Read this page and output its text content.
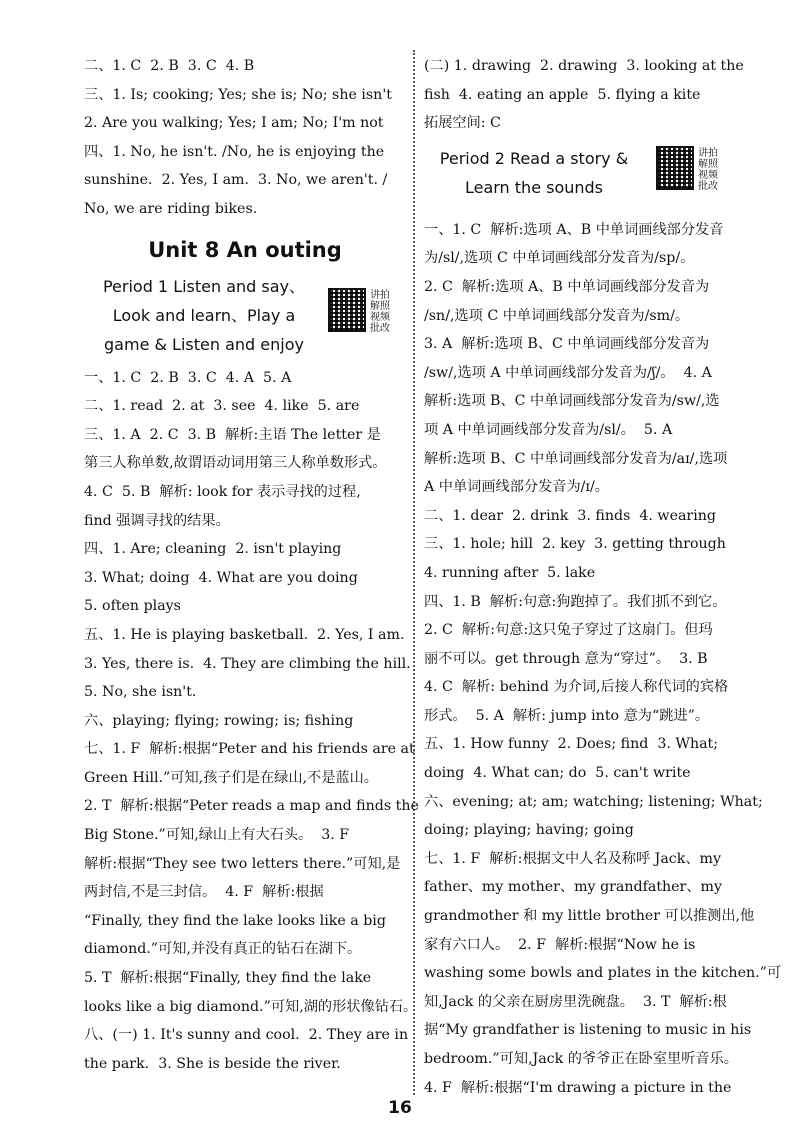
二、1. C  2. B  3. C  4. B
三、1. Is; cooking; Yes; she is; No; she isn't
2. Are you walking; Yes; I am; No; I'm not
四、1. No, he isn't. /No, he is enjoying the
sunshine.  2. Yes, I am.  3. No, we aren't. /
No, we are riding bikes.
Unit 8 An outing
Period 1 Listen and say、
Look and learn、Play a
game & Listen and enjoy
讲拍 解照 视频 批改
一、1. C  2. B  3. C  4. A  5. A
二、1. read  2. at  3. see  4. like  5. are
三、1. A  2. C  3. B  解析:主语 The letter 是
第三人称单数,故谓语动词用第三人称单数形式。
4. C  5. B  解析: look for 表示寻找的过程,
find 强调寻找的结果。
四、1. Are; cleaning  2. isn't playing
3. What; doing  4. What are you doing
5. often plays
五、1. He is playing basketball.  2. Yes, I am.
3. Yes, there is.  4. They are climbing the hill.
5. No, she isn't.
六、playing; flying; rowing; is; fishing
七、1. F  解析:根据“Peter and his friends are at
Green Hill.”可知,孩子们是在绿山,不是蓝山。
2. T  解析:根据“Peter reads a map and finds the
Big Stone.”可知,绿山上有大石头。  3. F
解析:根据“They see two letters there.”可知,是
两封信,不是三封信。  4. F  解析:根据
“Finally, they find the lake looks like a big
diamond.”可知,并没有真正的钻石在湖下。
5. T  解析:根据“Finally, they find the lake
looks like a big diamond.”可知,湖的形状像钻石。
八、(一) 1. It's sunny and cool.  2. They are in
the park.  3. She is beside the river.
(二) 1. drawing  2. drawing  3. looking at the
fish  4. eating an apple  5. flying a kite
拓展空间: C
Period 2 Read a story &
Learn the sounds
讲拍 解照 视频 批改
一、1. C  解析:选项 A、B 中单词画线部分发音
为/sl/,选项 C 中单词画线部分发音为/sp/。
2. C  解析:选项 A、B 中单词画线部分发音为
/sn/,选项 C 中单词画线部分发音为/sm/。
3. A  解析:选项 B、C 中单词画线部分发音为
/sw/,选项 A 中单词画线部分发音为/ʃ/。  4. A
解析:选项 B、C 中单词画线部分发音为/sw/,选
项 A 中单词画线部分发音为/sl/。  5. A
解析:选项 B、C 中单词画线部分发音为/aɪ/,选项
A 中单词画线部分发音为/ɪ/。
二、1. dear  2. drink  3. finds  4. wearing
三、1. hole; hill  2. key  3. getting through
4. running after  5. lake
四、1. B  解析:句意:狗跑掉了。我们抓不到它。
2. C  解析:句意:这只兔子穿过了这扇门。但玛
丽不可以。get through 意为“穿过”。  3. B
4. C  解析: behind 为介词,后接人称代词的宾格
形式。  5. A  解析: jump into 意为“跳进”。
五、1. How funny  2. Does; find  3. What;
doing  4. What can; do  5. can't write
六、evening; at; am; watching; listening; What;
doing; playing; having; going
七、1. F  解析:根据文中人名及称呼 Jack、my
father、my mother、my grandfather、my
grandmother 和 my little brother 可以推测出,他
家有六口人。  2. F  解析:根据“Now he is
washing some bowls and plates in the kitchen.”可
知,Jack 的父亲在厨房里洗碗盘。  3. T  解析:根
据“My grandfather is listening to music in his
bedroom.”可知,Jack 的爷爷正在卧室里听音乐。
4. F  解析:根据“I'm drawing a picture in the
16
